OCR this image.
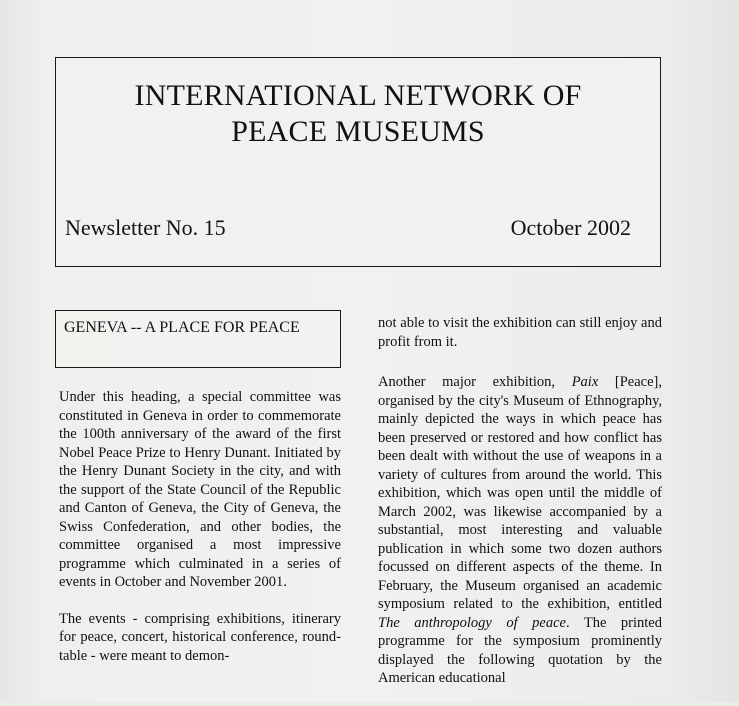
INTERNATIONAL NETWORK OF
PEACE MUSEUMS
Newsletter No. 15	October 2002
GENEVA -- A PLACE FOR PEACE

Under this heading, a special committee was constituted in Geneva in order to commemorate the 100th anniversary of the award of the first Nobel Peace Prize to Henry Dunant. Initiated by the Henry Dunant Society in the city, and with the support of the State Council of the Republic and Canton of Geneva, the City of Geneva, the Swiss Confederation, and other bodies, the committee organised a most impressive programme which culminated in a series of events in October and November 2001.

The events - comprising exhibitions, itinerary for peace, concert, historical conference, round-table - were meant to demon-

not able to visit the exhibition can still enjoy and profit from it.

Another major exhibition, Paix [Peace], organised by the city's Museum of Ethnography, mainly depicted the ways in which peace has been preserved or restored and how conflict has been dealt with without the use of weapons in a variety of cultures from around the world. This exhibition, which was open until the middle of March 2002, was likewise accompanied by a substantial, most interesting and valuable publication in which some two dozen authors focussed on different aspects of the theme. In February, the Museum organised an academic symposium related to the exhibition, entitled The anthropology of peace. The printed programme for the symposium prominently displayed the following quotation by the American educational
